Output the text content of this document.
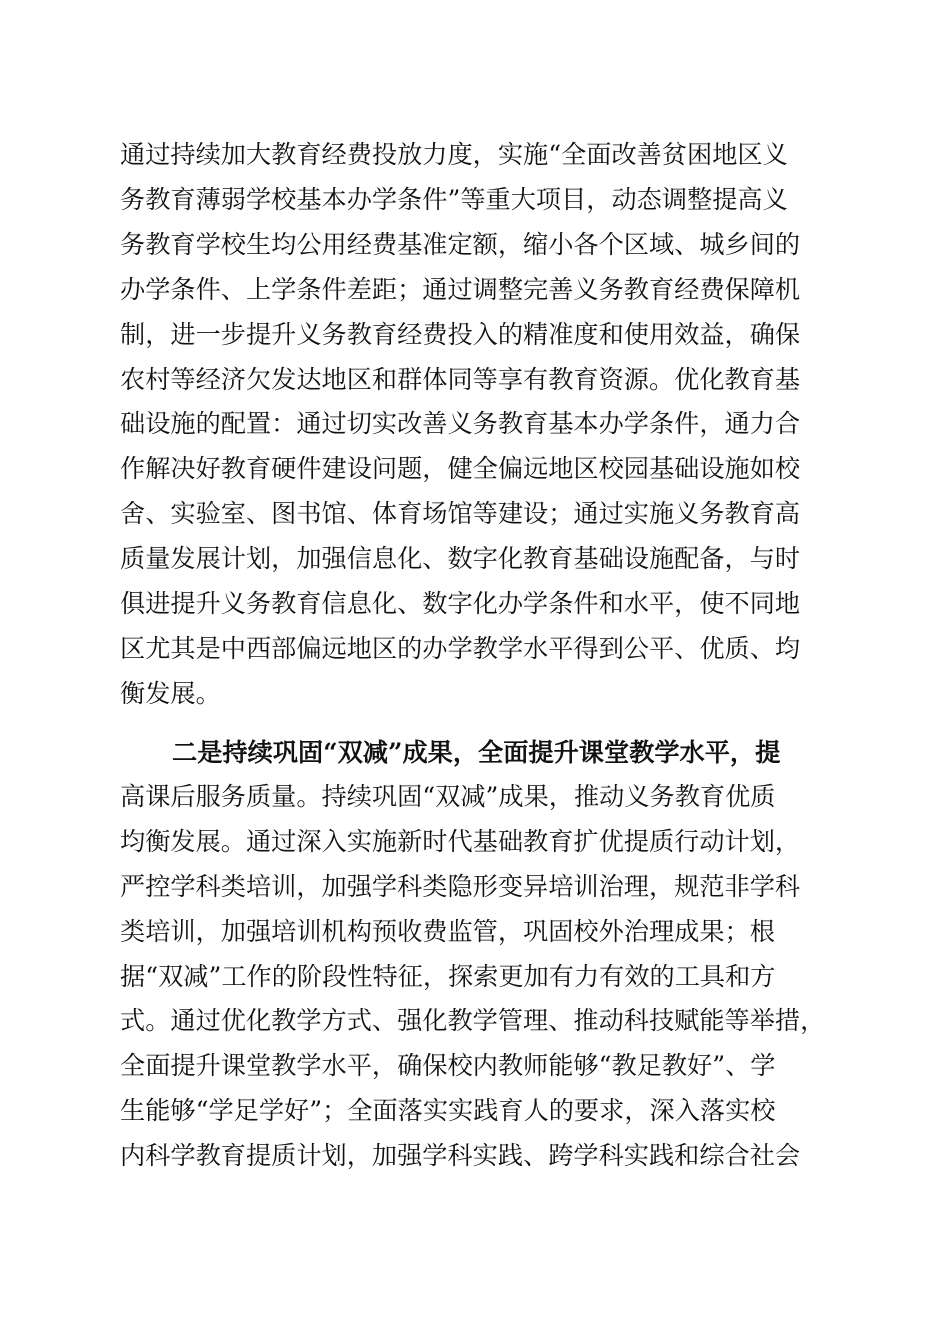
通过持续加大教育经费投放力度，实施“全面改善贫困地区义
务教育薄弱学校基本办学条件”等重大项目，动态调整提高义
务教育学校生均公用经费基准定额，缩小各个区域、城乡间的
办学条件、上学条件差距；通过调整完善义务教育经费保障机
制，进一步提升义务教育经费投入的精准度和使用效益，确保
农村等经济欠发达地区和群体同等享有教育资源。优化教育基
础设施的配置：通过切实改善义务教育基本办学条件，通力合
作解决好教育硬件建设问题，健全偏远地区校园基础设施如校
舍、实验室、图书馆、体育场馆等建设；通过实施义务教育高
质量发展计划，加强信息化、数字化教育基础设施配备，与时
俱进提升义务教育信息化、数字化办学条件和水平，使不同地
区尤其是中西部偏远地区的办学教学水平得到公平、优质、均
衡发展。
二是持续巩固“双减”成果，全面提升课堂教学水平，提
高课后服务质量。持续巩固“双减”成果，推动义务教育优质
均衡发展。通过深入实施新时代基础教育扩优提质行动计划，
严控学科类培训，加强学科类隐形变异培训治理，规范非学科
类培训，加强培训机构预收费监管，巩固校外治理成果；根
据“双减”工作的阶段性特征，探索更加有力有效的工具和方
式。通过优化教学方式、强化教学管理、推动科技赋能等举措，
全面提升课堂教学水平，确保校内教师能够“教足教好”、学
生能够“学足学好”；全面落实实践育人的要求，深入落实校
内科学教育提质计划，加强学科实践、跨学科实践和综合社会
